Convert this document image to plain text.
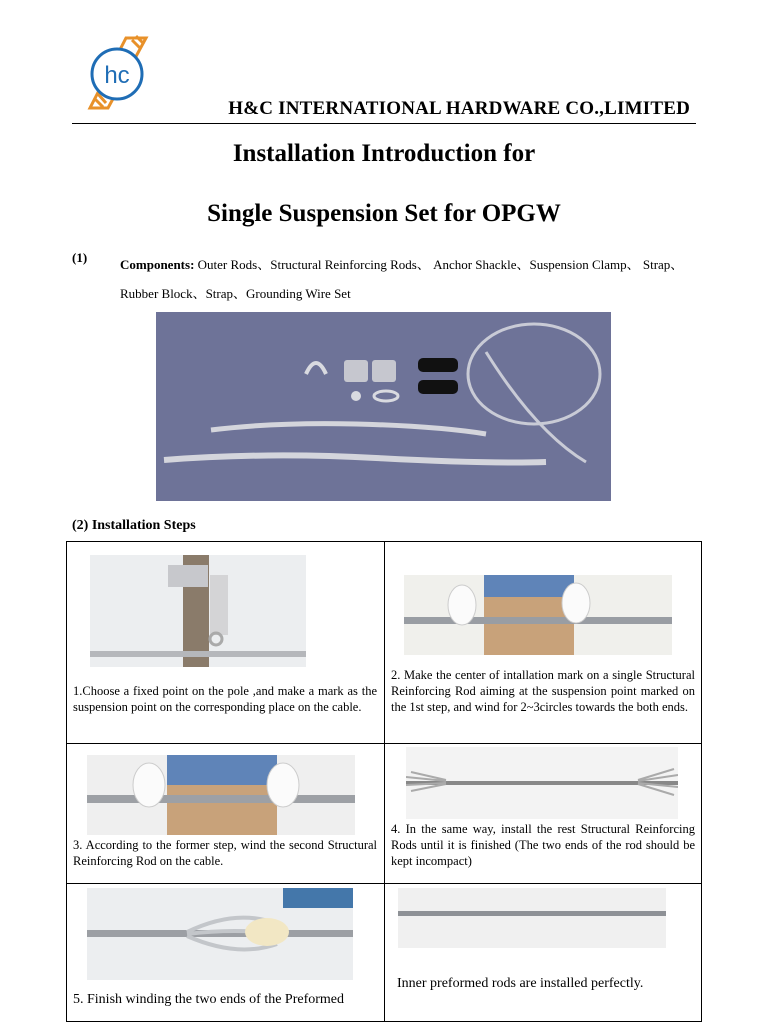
hc
H&C INTERNATIONAL HARDWARE CO.,LIMITED
Installation Introduction for
Single Suspension Set for OPGW
(1)	Components: Outer Rods、Structural Reinforcing Rods、 Anchor Shackle、Suspension Clamp、 Strap、 Rubber Block、Strap、Grounding Wire Set
(2) Installation Steps
1.Choose a fixed point on the pole ,and make a mark as the suspension point on the corresponding place on the cable.
2. Make the center of intallation mark on a single Structural Reinforcing Rod aiming at the suspension point marked on the 1st step, and wind for 2~3circles towards the both ends.
3. According to the former step, wind the second Structural Reinforcing Rod on the cable.
4. In the same way, install the rest Structural Reinforcing Rods until it is finished (The two ends of the rod should be kept incompact)
5. Finish winding the two ends of the Preformed
Inner preformed rods are installed perfectly.
